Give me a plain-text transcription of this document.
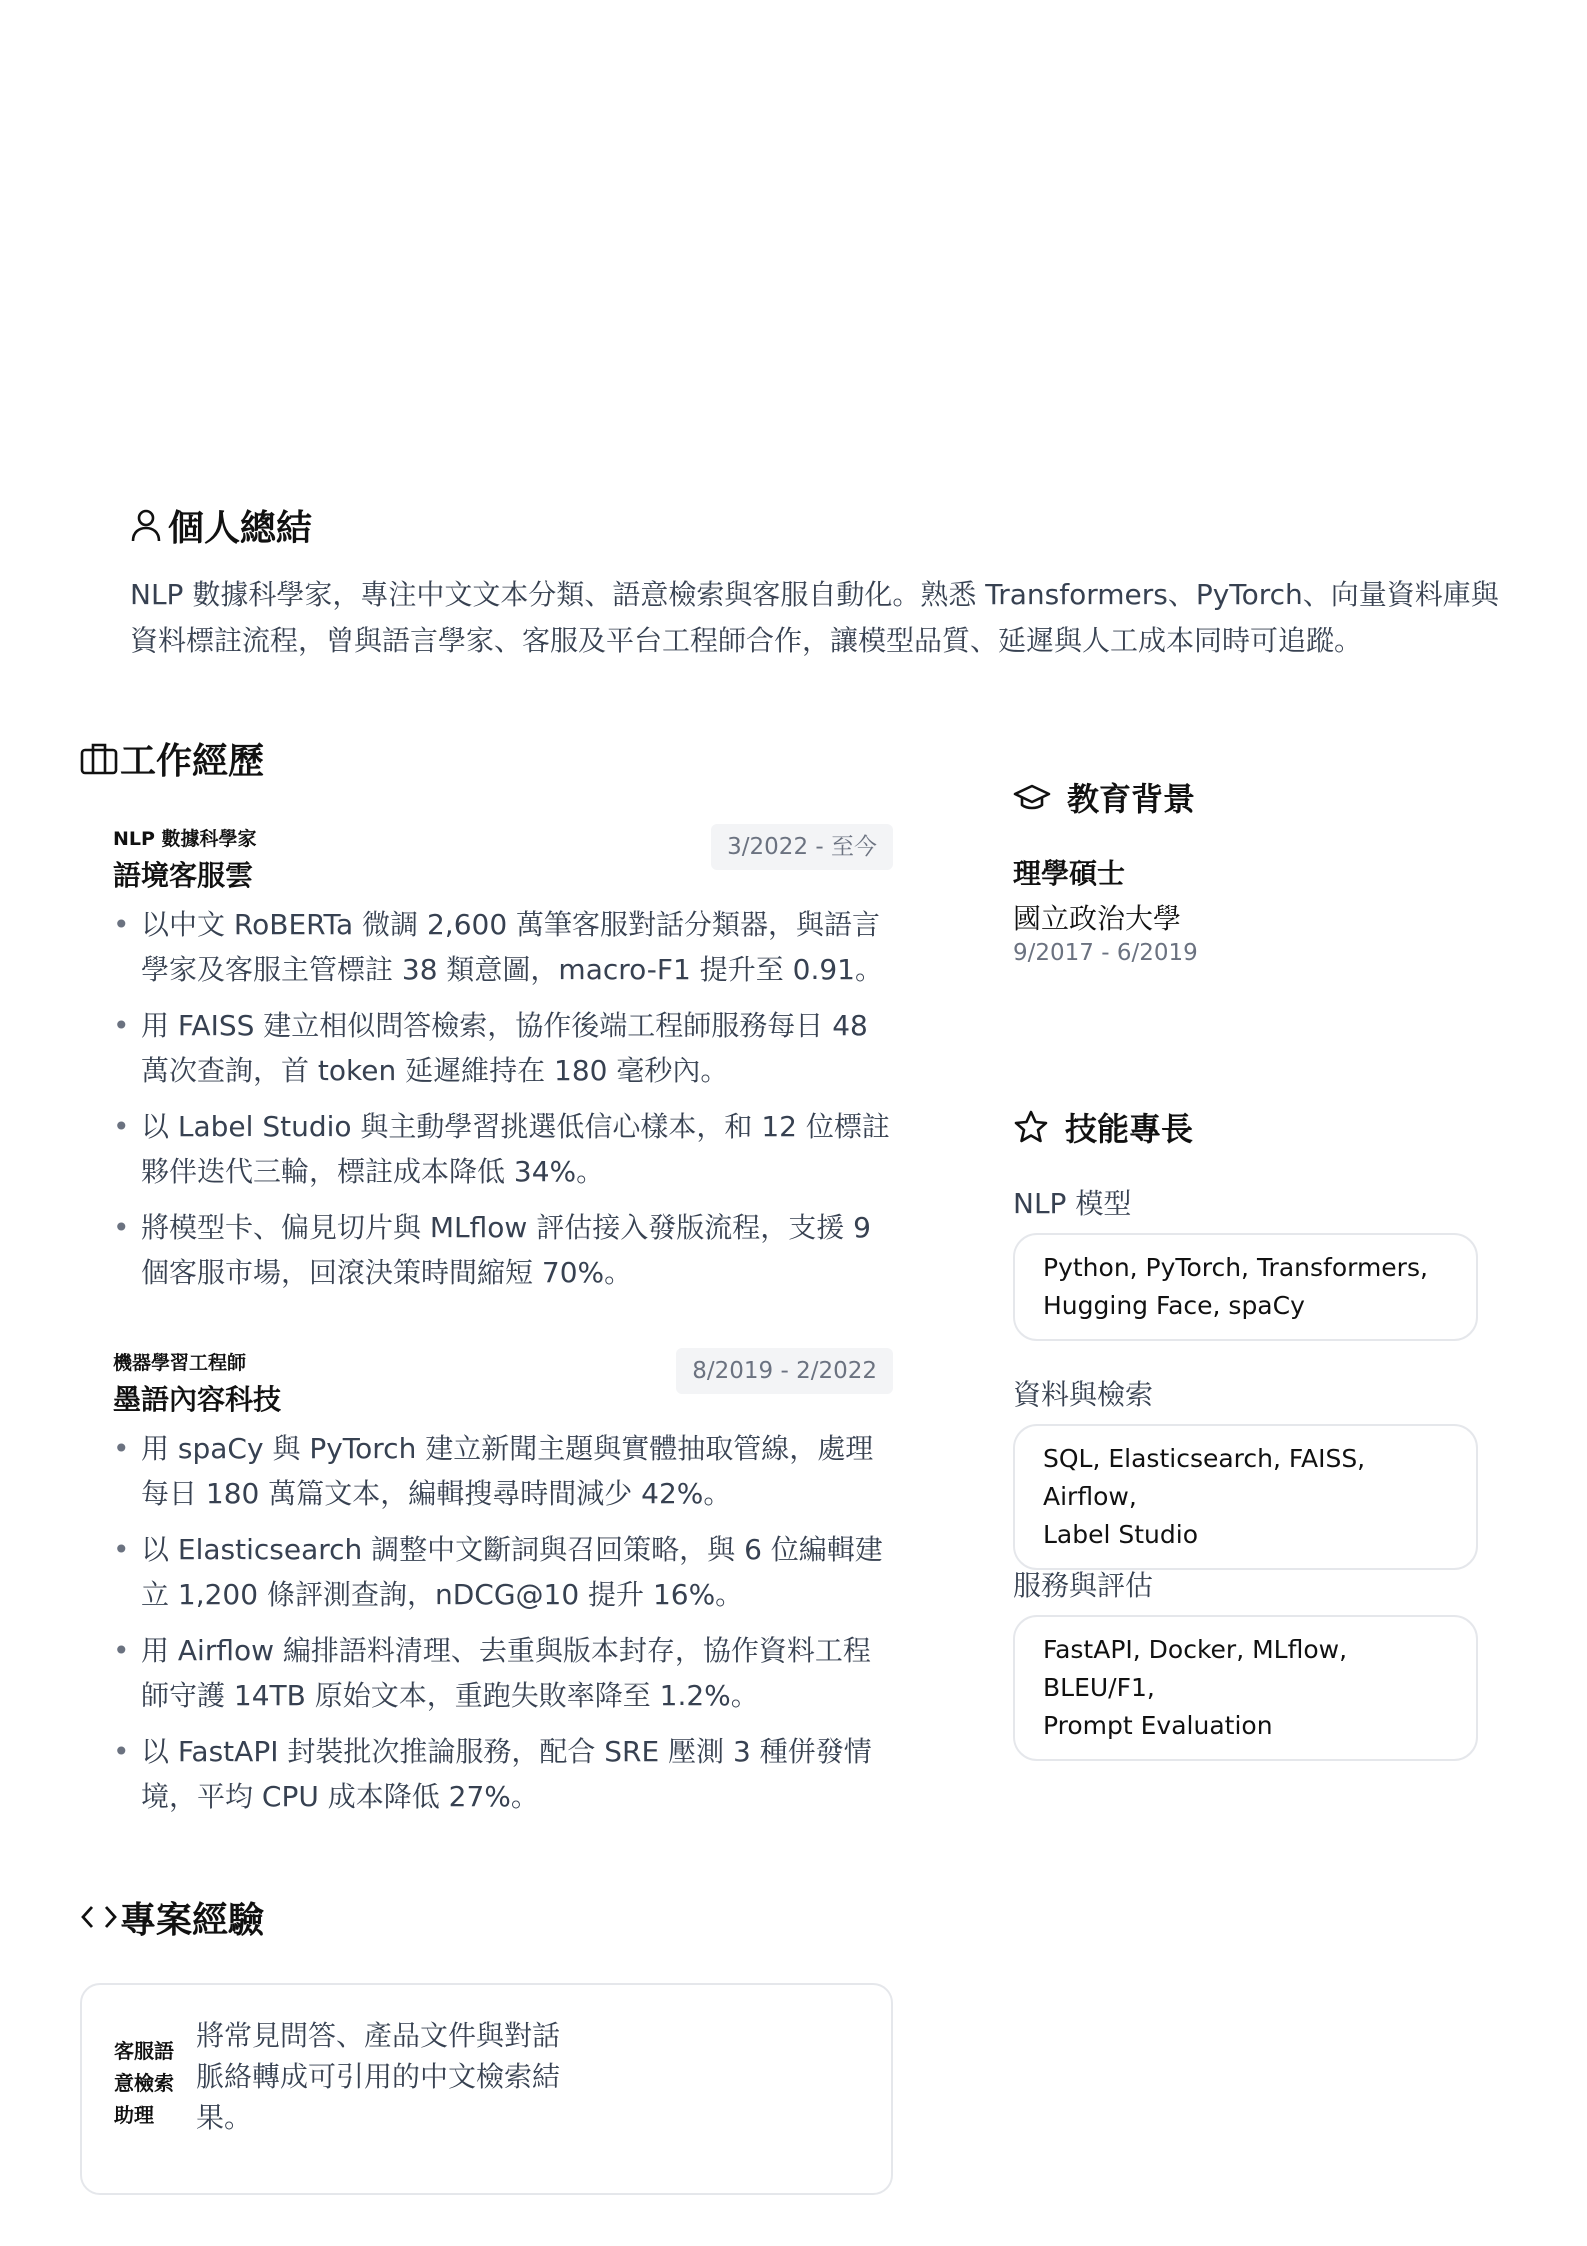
個人總結
NLP 數據科學家，專注中文文本分類、語意檢索與客服自動化。熟悉 Transformers、PyTorch、向量資料庫與
資料標註流程，曾與語言學家、客服及平台工程師合作，讓模型品質、延遲與人工成本同時可追蹤。
工作經歷
NLP 數據科學家
語境客服雲
3/2022 - 至今
• 以中文 RoBERTa 微調 2,600 萬筆客服對話分類器，與語言
學家及客服主管標註 38 類意圖，macro-F1 提升至 0.91。
• 用 FAISS 建立相似問答檢索，協作後端工程師服務每日 48
萬次查詢，首 token 延遲維持在 180 毫秒內。
• 以 Label Studio 與主動學習挑選低信心樣本，和 12 位標註
夥伴迭代三輪，標註成本降低 34%。
• 將模型卡、偏見切片與 MLflow 評估接入發版流程，支援 9
個客服市場，回滾決策時間縮短 70%。
機器學習工程師
墨語內容科技
8/2019 - 2/2022
• 用 spaCy 與 PyTorch 建立新聞主題與實體抽取管線，處理
每日 180 萬篇文本，編輯搜尋時間減少 42%。
• 以 Elasticsearch 調整中文斷詞與召回策略，與 6 位編輯建
立 1,200 條評測查詢，nDCG@10 提升 16%。
• 用 Airflow 編排語料清理、去重與版本封存，協作資料工程
師守護 14TB 原始文本，重跑失敗率降至 1.2%。
• 以 FastAPI 封裝批次推論服務，配合 SRE 壓測 3 種併發情
境，平均 CPU 成本降低 27%。
專案經驗
客服語
意檢索
助理
將常見問答、產品文件與對話
脈絡轉成可引用的中文檢索結
果。
教育背景
理學碩士
國立政治大學
9/2017 - 6/2019
技能專長
NLP 模型
Python, PyTorch, Transformers,
Hugging Face, spaCy
資料與檢索
SQL, Elasticsearch, FAISS, Airflow,
Label Studio
服務與評估
FastAPI, Docker, MLflow, BLEU/F1,
Prompt Evaluation
